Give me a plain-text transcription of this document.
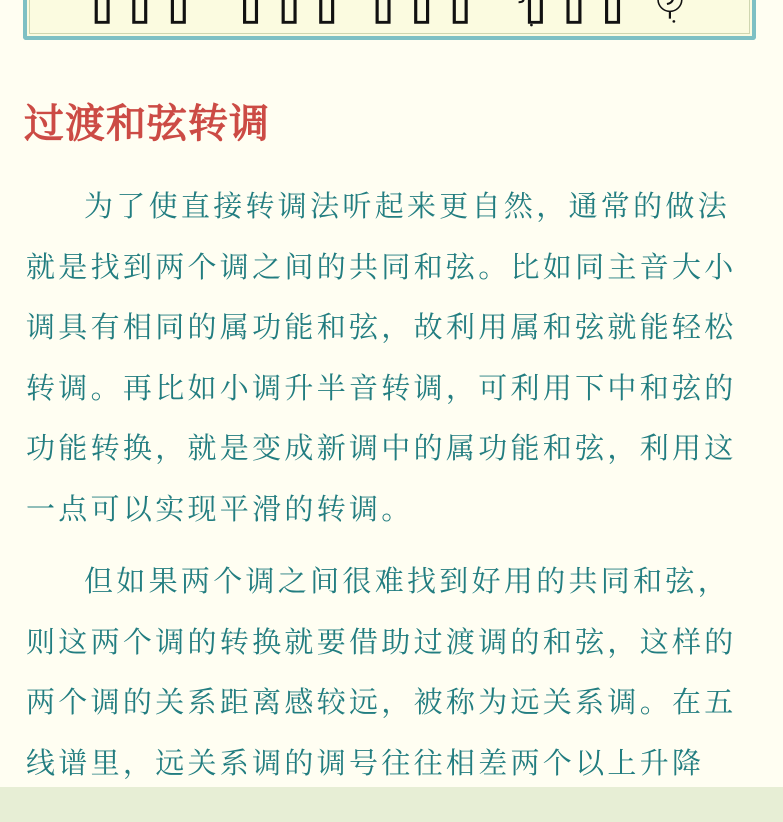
过渡和弦转调

为了使直接转调法听起来更自然，通常的做法就是找到两个调之间的共同和弦。比如同主音大小调具有相同的属功能和弦，故利用属和弦就能轻松转调。再比如小调升半音转调，可利用下中和弦的功能转换，就是变成新调中的属功能和弦，利用这一点可以实现平滑的转调。

但如果两个调之间很难找到好用的共同和弦，则这两个调的转换就要借助过渡调的和弦，这样的两个调的关系距离感较远，被称为远关系调。在五线谱里，远关系调的调号往往相差两个以上升降
